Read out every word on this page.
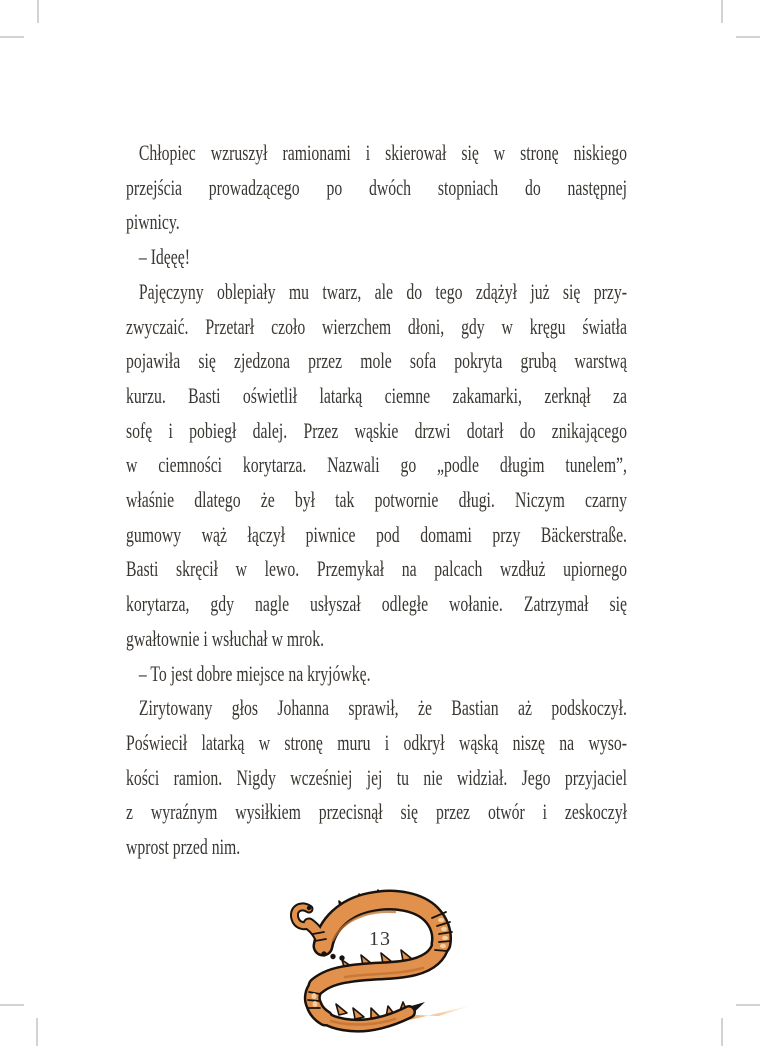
Chłopiec wzruszył ramionami i skierował się w stronę niskiego
przejścia prowadzącego po dwóch stopniach do następnej
piwnicy.
– Idęęę!
Pajęczyny oblepiały mu twarz, ale do tego zdążył już się przy-
zwyczaić. Przetarł czoło wierzchem dłoni, gdy w kręgu światła
pojawiła się zjedzona przez mole sofa pokryta grubą warstwą
kurzu. Basti oświetlił latarką ciemne zakamarki, zerknął za
sofę i pobiegł dalej. Przez wąskie drzwi dotarł do znikającego
w ciemności korytarza. Nazwali go „podle długim tunelem”,
właśnie dlatego że był tak potwornie długi. Niczym czarny
gumowy wąż łączył piwnice pod domami przy Bäckerstraße.
Basti skręcił w lewo. Przemykał na palcach wzdłuż upiornego
korytarza, gdy nagle usłyszał odległe wołanie. Zatrzymał się
gwałtownie i wsłuchał w mrok.
– To jest dobre miejsce na kryjówkę.
Zirytowany głos Johanna sprawił, że Bastian aż podskoczył.
Poświecił latarką w stronę muru i odkrył wąską niszę na wyso-
kości ramion. Nigdy wcześniej jej tu nie widział. Jego przyjaciel
z wyraźnym wysiłkiem przecisnął się przez otwór i zeskoczył
wprost przed nim.
13
